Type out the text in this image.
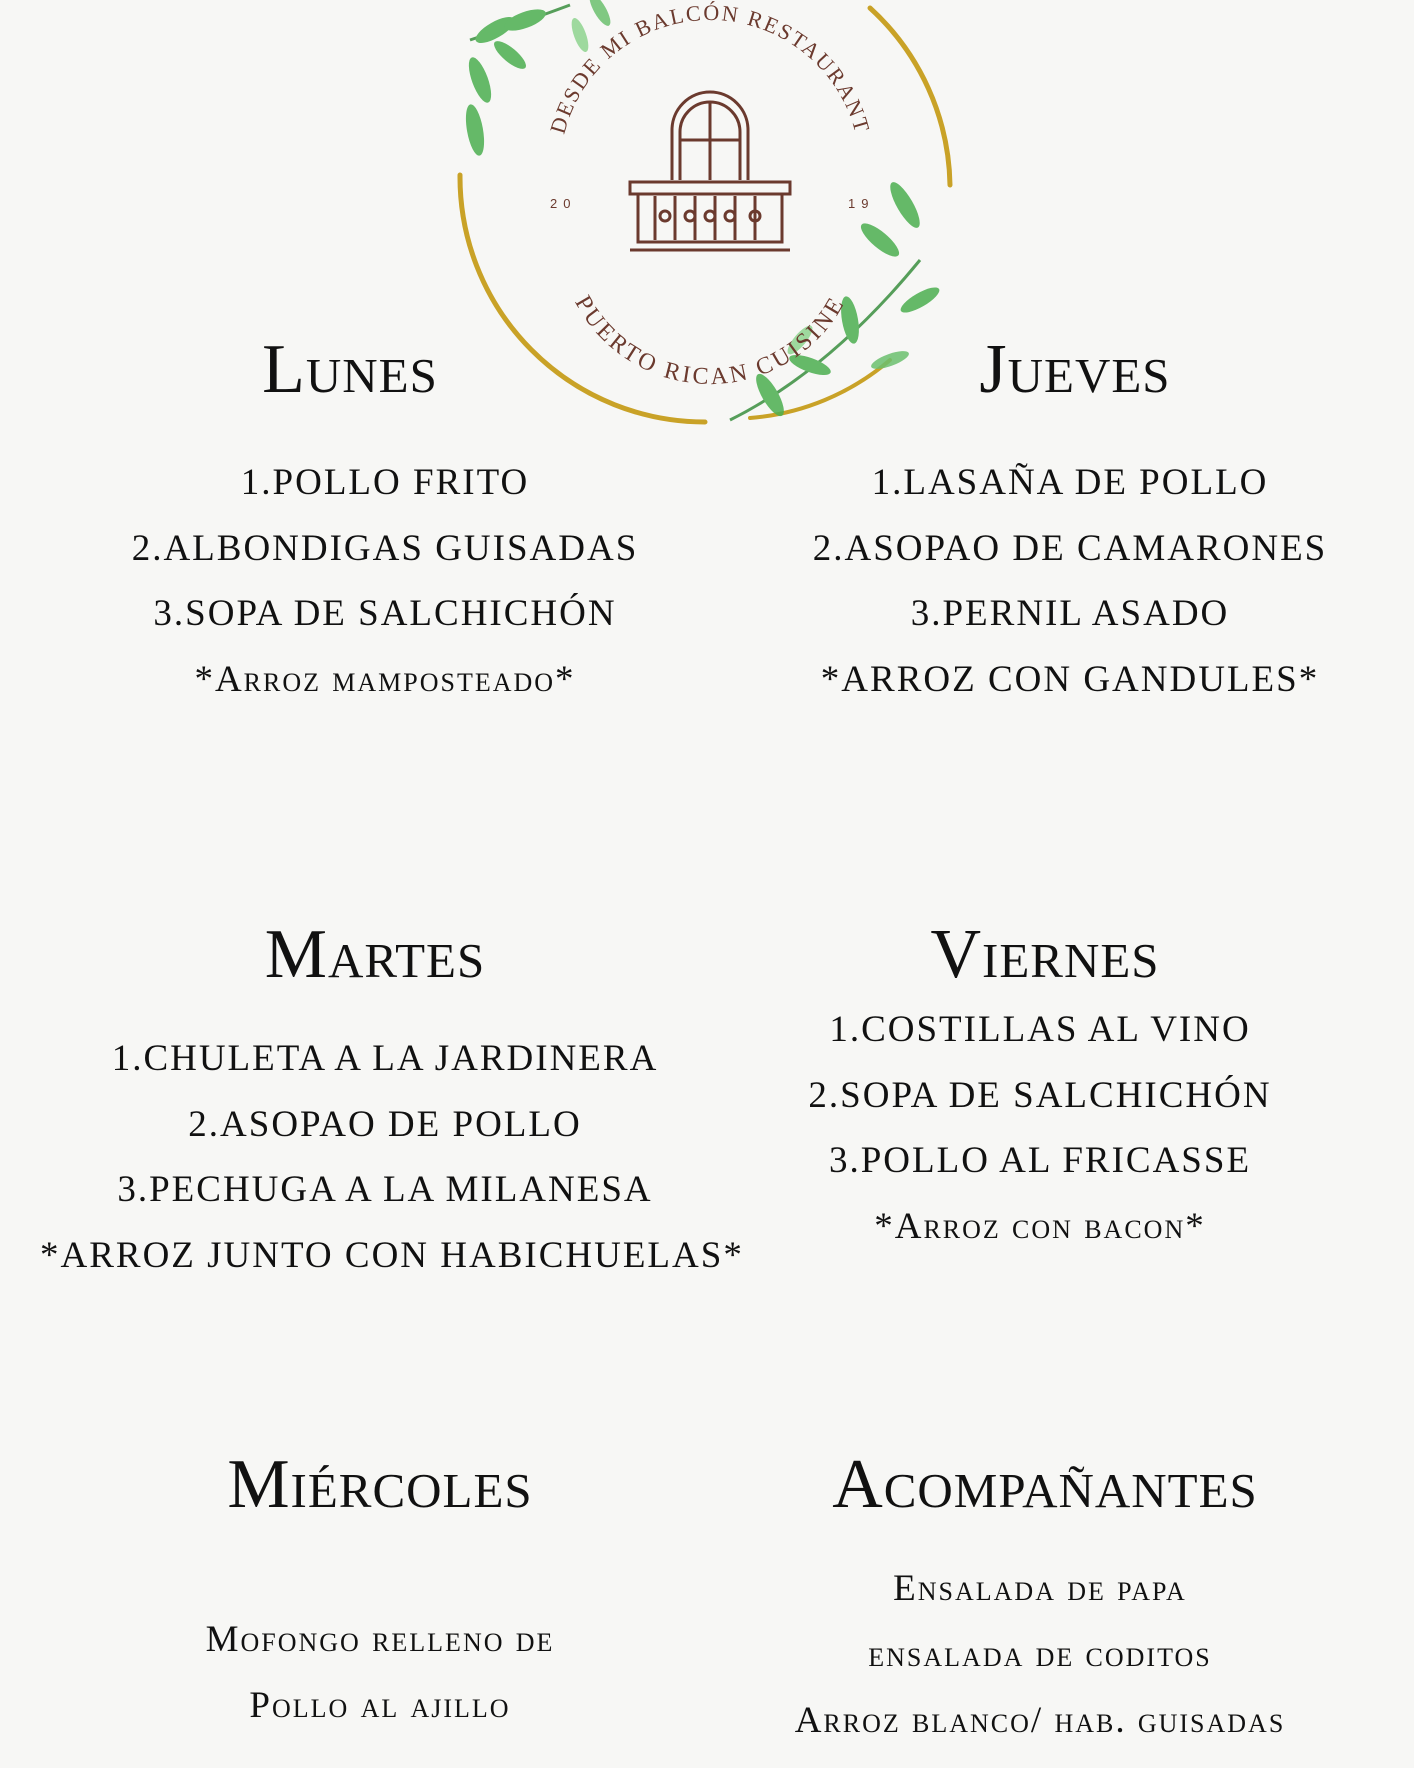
DESDE MI BALCÓN RESTAURANT
PUERTO RICAN CUISINE
20	19
Lunes
1.POLLO FRITO
2.ALBONDIGAS GUISADAS
3.SOPA DE SALCHICHÓN
*Arroz mamposteado*
Jueves
1.LASAÑA DE POLLO
2.ASOPAO DE CAMARONES
3.PERNIL ASADO
*ARROZ CON GANDULES*
Martes
1.CHULETA A LA JARDINERA
2.ASOPAO DE POLLO
3.PECHUGA A LA MILANESA
*ARROZ JUNTO CON HABICHUELAS*
Viernes
1.COSTILLAS AL VINO
2.SOPA DE SALCHICHÓN
3.POLLO AL FRICASSE
*Arroz con bacon*
Miércoles
Mofongo relleno de
Pollo al ajillo
Acompañantes
Ensalada de papa
ensalada de coditos
Arroz blanco/ hab. guisadas
